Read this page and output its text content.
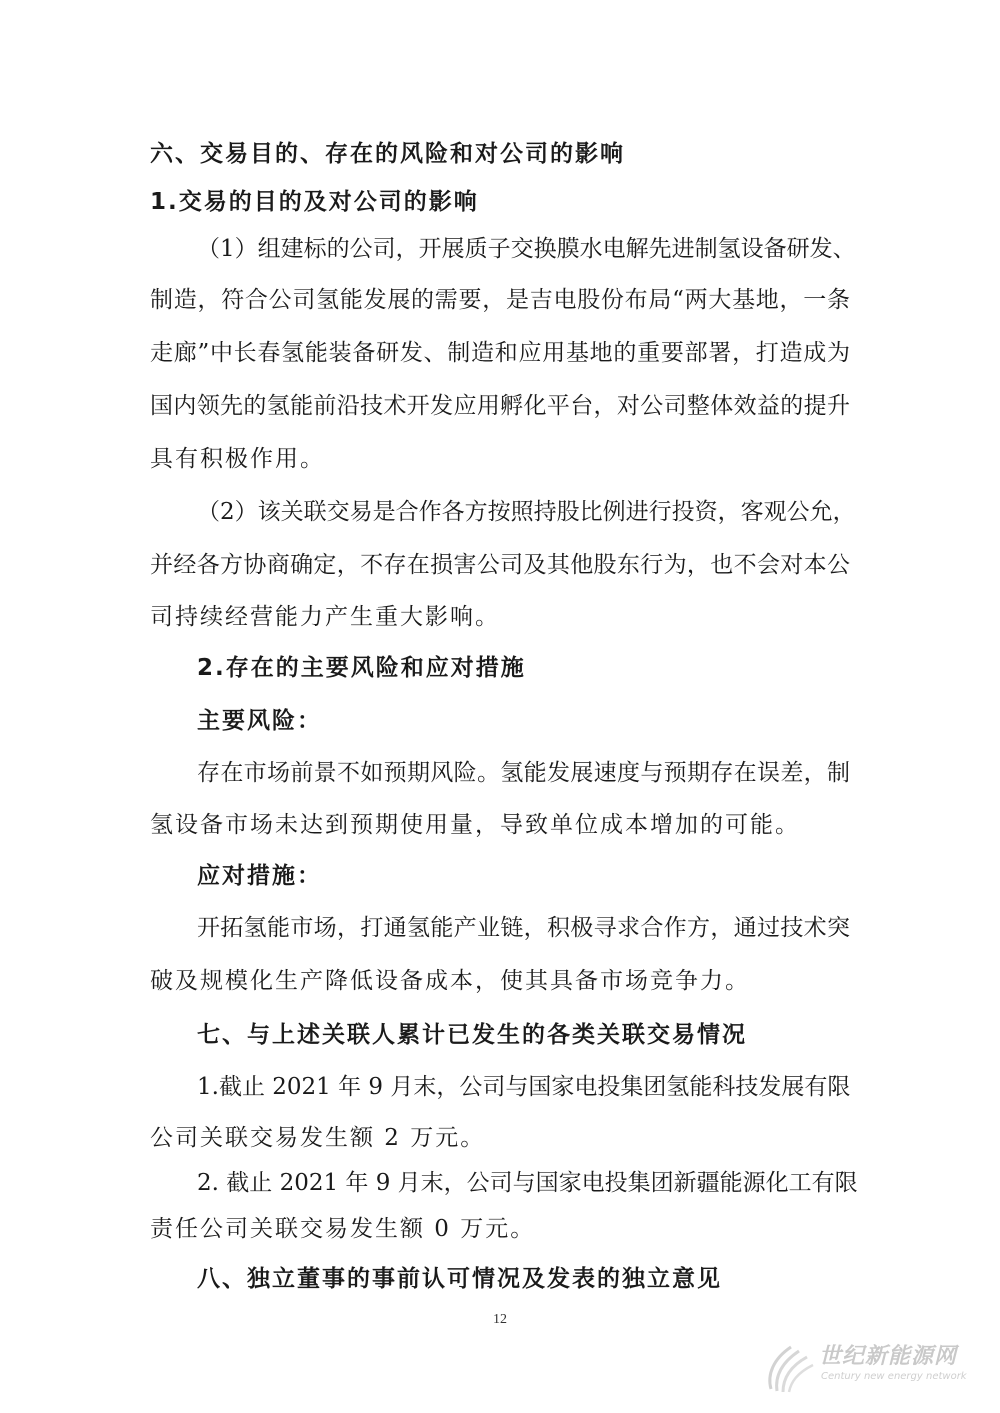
六、交易目的、存在的风险和对公司的影响
1.交易的目的及对公司的影响
（1）组建标的公司，开展质子交换膜水电解先进制氢设备研发、
制造，符合公司氢能发展的需要，是吉电股份布局“两大基地，一条
走廊”中长春氢能装备研发、制造和应用基地的重要部署，打造成为
国内领先的氢能前沿技术开发应用孵化平台，对公司整体效益的提升
具有积极作用。
（2）该关联交易是合作各方按照持股比例进行投资，客观公允，
并经各方协商确定，不存在损害公司及其他股东行为，也不会对本公
司持续经营能力产生重大影响。
2.存在的主要风险和应对措施
主要风险：
存在市场前景不如预期风险。氢能发展速度与预期存在误差，制
氢设备市场未达到预期使用量，导致单位成本增加的可能。
应对措施：
开拓氢能市场，打通氢能产业链，积极寻求合作方，通过技术突
破及规模化生产降低设备成本，使其具备市场竞争力。
七、与上述关联人累计已发生的各类关联交易情况
1.截止 2021 年 9 月末，公司与国家电投集团氢能科技发展有限
公司关联交易发生额 2 万元。
2. 截止 2021 年 9 月末，公司与国家电投集团新疆能源化工有限
责任公司关联交易发生额 0 万元。
八、独立董事的事前认可情况及发表的独立意见
12
世纪新能源网
Century new energy network
